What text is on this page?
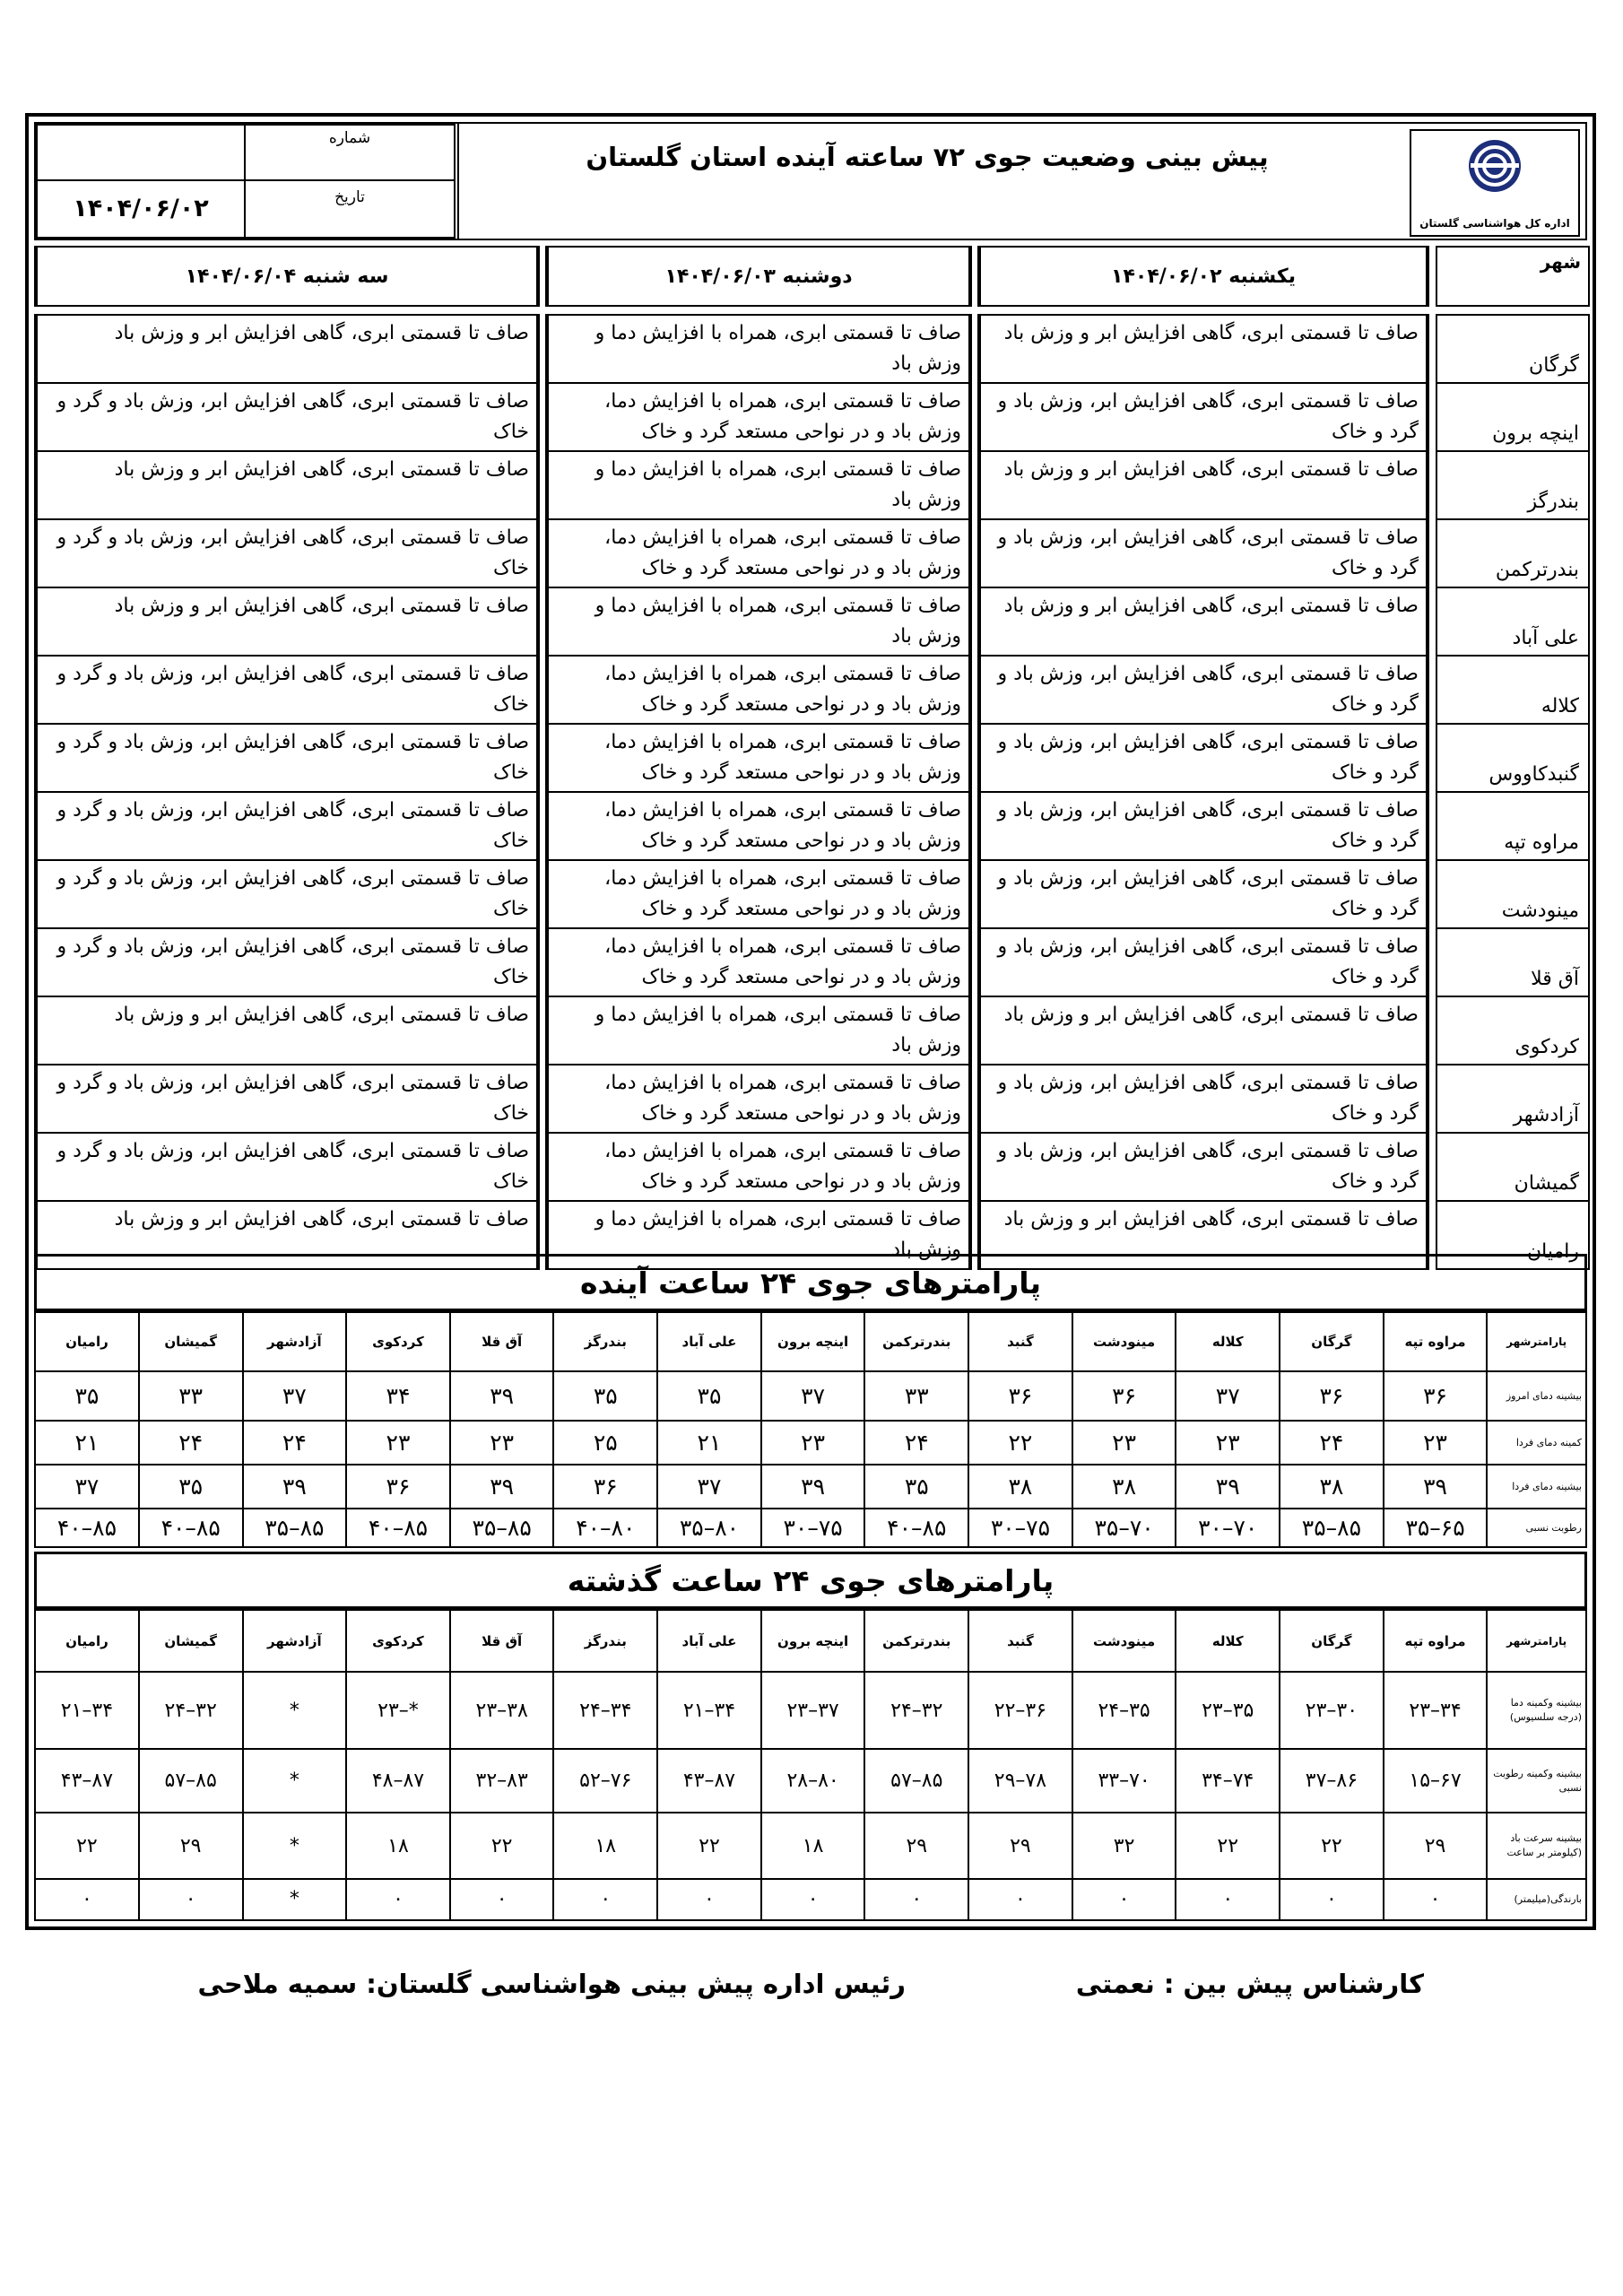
اداره کل هواشناسی گلستان
پیش بینی وضعیت جوی ۷۲ ساعته آینده استان گلستان
شماره
۱۴۰۴/۰۶/۰۲	تاریخ
شهر		یکشنبه ۱۴۰۴/۰۶/۰۲		دوشنبه ۱۴۰۴/۰۶/۰۳		سه شنبه ۱۴۰۴/۰۶/۰۴

گرگان		صاف تا قسمتی ابری، گاهی افزایش ابر و وزش باد		صاف تا قسمتی ابری، همراه با افزایش دما و وزش باد		صاف تا قسمتی ابری، گاهی افزایش ابر و وزش باد
اینچه برون		صاف تا قسمتی ابری، گاهی افزایش ابر، وزش باد و گرد و خاک		صاف تا قسمتی ابری، همراه با افزایش دما، وزش باد و در نواحی مستعد گرد و خاک		صاف تا قسمتی ابری، گاهی افزایش ابر، وزش باد و گرد و خاک
بندرگز		صاف تا قسمتی ابری، گاهی افزایش ابر و وزش باد		صاف تا قسمتی ابری، همراه با افزایش دما و وزش باد		صاف تا قسمتی ابری، گاهی افزایش ابر و وزش باد
بندرترکمن		صاف تا قسمتی ابری، گاهی افزایش ابر، وزش باد و گرد و خاک		صاف تا قسمتی ابری، همراه با افزایش دما، وزش باد و در نواحی مستعد گرد و خاک		صاف تا قسمتی ابری، گاهی افزایش ابر، وزش باد و گرد و خاک
علی آباد		صاف تا قسمتی ابری، گاهی افزایش ابر و وزش باد		صاف تا قسمتی ابری، همراه با افزایش دما و وزش باد		صاف تا قسمتی ابری، گاهی افزایش ابر و وزش باد
کلاله		صاف تا قسمتی ابری، گاهی افزایش ابر، وزش باد و گرد و خاک		صاف تا قسمتی ابری، همراه با افزایش دما، وزش باد و در نواحی مستعد گرد و خاک		صاف تا قسمتی ابری، گاهی افزایش ابر، وزش باد و گرد و خاک
گنبدکاووس		صاف تا قسمتی ابری، گاهی افزایش ابر، وزش باد و گرد و خاک		صاف تا قسمتی ابری، همراه با افزایش دما، وزش باد و در نواحی مستعد گرد و خاک		صاف تا قسمتی ابری، گاهی افزایش ابر، وزش باد و گرد و خاک
مراوه تپه		صاف تا قسمتی ابری، گاهی افزایش ابر، وزش باد و گرد و خاک		صاف تا قسمتی ابری، همراه با افزایش دما، وزش باد و در نواحی مستعد گرد و خاک		صاف تا قسمتی ابری، گاهی افزایش ابر، وزش باد و گرد و خاک
مینودشت		صاف تا قسمتی ابری، گاهی افزایش ابر، وزش باد و گرد و خاک		صاف تا قسمتی ابری، همراه با افزایش دما، وزش باد و در نواحی مستعد گرد و خاک		صاف تا قسمتی ابری، گاهی افزایش ابر، وزش باد و گرد و خاک
آق قلا		صاف تا قسمتی ابری، گاهی افزایش ابر، وزش باد و گرد و خاک		صاف تا قسمتی ابری، همراه با افزایش دما، وزش باد و در نواحی مستعد گرد و خاک		صاف تا قسمتی ابری، گاهی افزایش ابر، وزش باد و گرد و خاک
کردکوی		صاف تا قسمتی ابری، گاهی افزایش ابر و وزش باد		صاف تا قسمتی ابری، همراه با افزایش دما و وزش باد		صاف تا قسمتی ابری، گاهی افزایش ابر و وزش باد
آزادشهر		صاف تا قسمتی ابری، گاهی افزایش ابر، وزش باد و گرد و خاک		صاف تا قسمتی ابری، همراه با افزایش دما، وزش باد و در نواحی مستعد گرد و خاک		صاف تا قسمتی ابری، گاهی افزایش ابر، وزش باد و گرد و خاک
گمیشان		صاف تا قسمتی ابری، گاهی افزایش ابر، وزش باد و گرد و خاک		صاف تا قسمتی ابری، همراه با افزایش دما، وزش باد و در نواحی مستعد گرد و خاک		صاف تا قسمتی ابری، گاهی افزایش ابر، وزش باد و گرد و خاک
رامیان		صاف تا قسمتی ابری، گاهی افزایش ابر و وزش باد		صاف تا قسمتی ابری، همراه با افزایش دما و وزش باد		صاف تا قسمتی ابری، گاهی افزایش ابر و وزش باد
پارامترهای جوی ۲۴ ساعت آینده
پارامترشهر	مراوه تپه	گرگان	کلاله	مینودشت	گنبد	بندرترکمن	اینچه برون	علی آباد	بندرگز	آق قلا	کردکوی	آزادشهر	گمیشان	رامیان
بیشینه دمای امروز	۳۶	۳۶	۳۷	۳۶	۳۶	۳۳	۳۷	۳۵	۳۵	۳۹	۳۴	۳۷	۳۳	۳۵
کمینه دمای فردا	۲۳	۲۴	۲۳	۲۳	۲۲	۲۴	۲۳	۲۱	۲۵	۲۳	۲۳	۲۴	۲۴	۲۱
بیشینه دمای فردا	۳۹	۳۸	۳۹	۳۸	۳۸	۳۵	۳۹	۳۷	۳۶	۳۹	۳۶	۳۹	۳۵	۳۷
رطوبت نسبی	۶۵–۳۵	۸۵–۳۵	۷۰–۳۰	۷۰–۳۵	۷۵–۳۰	۸۵–۴۰	۷۵–۳۰	۸۰–۳۵	۸۰–۴۰	۸۵–۳۵	۸۵–۴۰	۸۵–۳۵	۸۵–۴۰	۸۵–۴۰
پارامترهای جوی ۲۴ ساعت گذشته
پارامترشهر	مراوه تپه	گرگان	کلاله	مینودشت	گنبد	بندرترکمن	اینچه برون	علی آباد	بندرگز	آق قلا	کردکوی	آزادشهر	گمیشان	رامیان
بیشینه وکمینه دما (درجه سلسیوس)	۳۴–۲۳	۳۰–۲۳	۳۵–۲۳	۳۵–۲۴	۳۶–۲۲	۳۲–۲۴	۳۷–۲۳	۳۴–۲۱	۳۴–۲۴	۳۸–۲۳	*–۲۳	*	۳۲–۲۴	۳۴–۲۱
بیشینه وکمینه رطوبت نسبی	۶۷–۱۵	۸۶–۳۷	۷۴–۳۴	۷۰–۳۳	۷۸–۲۹	۸۵–۵۷	۸۰–۲۸	۸۷–۴۳	۷۶–۵۲	۸۳–۳۲	۸۷–۴۸	*	۸۵–۵۷	۸۷–۴۳
بیشینه سرعت باد (کیلومتر بر ساعت	۲۹	۲۲	۲۲	۳۲	۲۹	۲۹	۱۸	۲۲	۱۸	۲۲	۱۸	*	۲۹	۲۲
بارندگی(میلیمتر)	۰	۰	۰	۰	۰	۰	۰	۰	۰	۰	۰	*	۰	۰
کارشناس پیش بین : نعمتی
رئیس اداره پیش بینی هواشناسی گلستان: سمیه ملاحی
